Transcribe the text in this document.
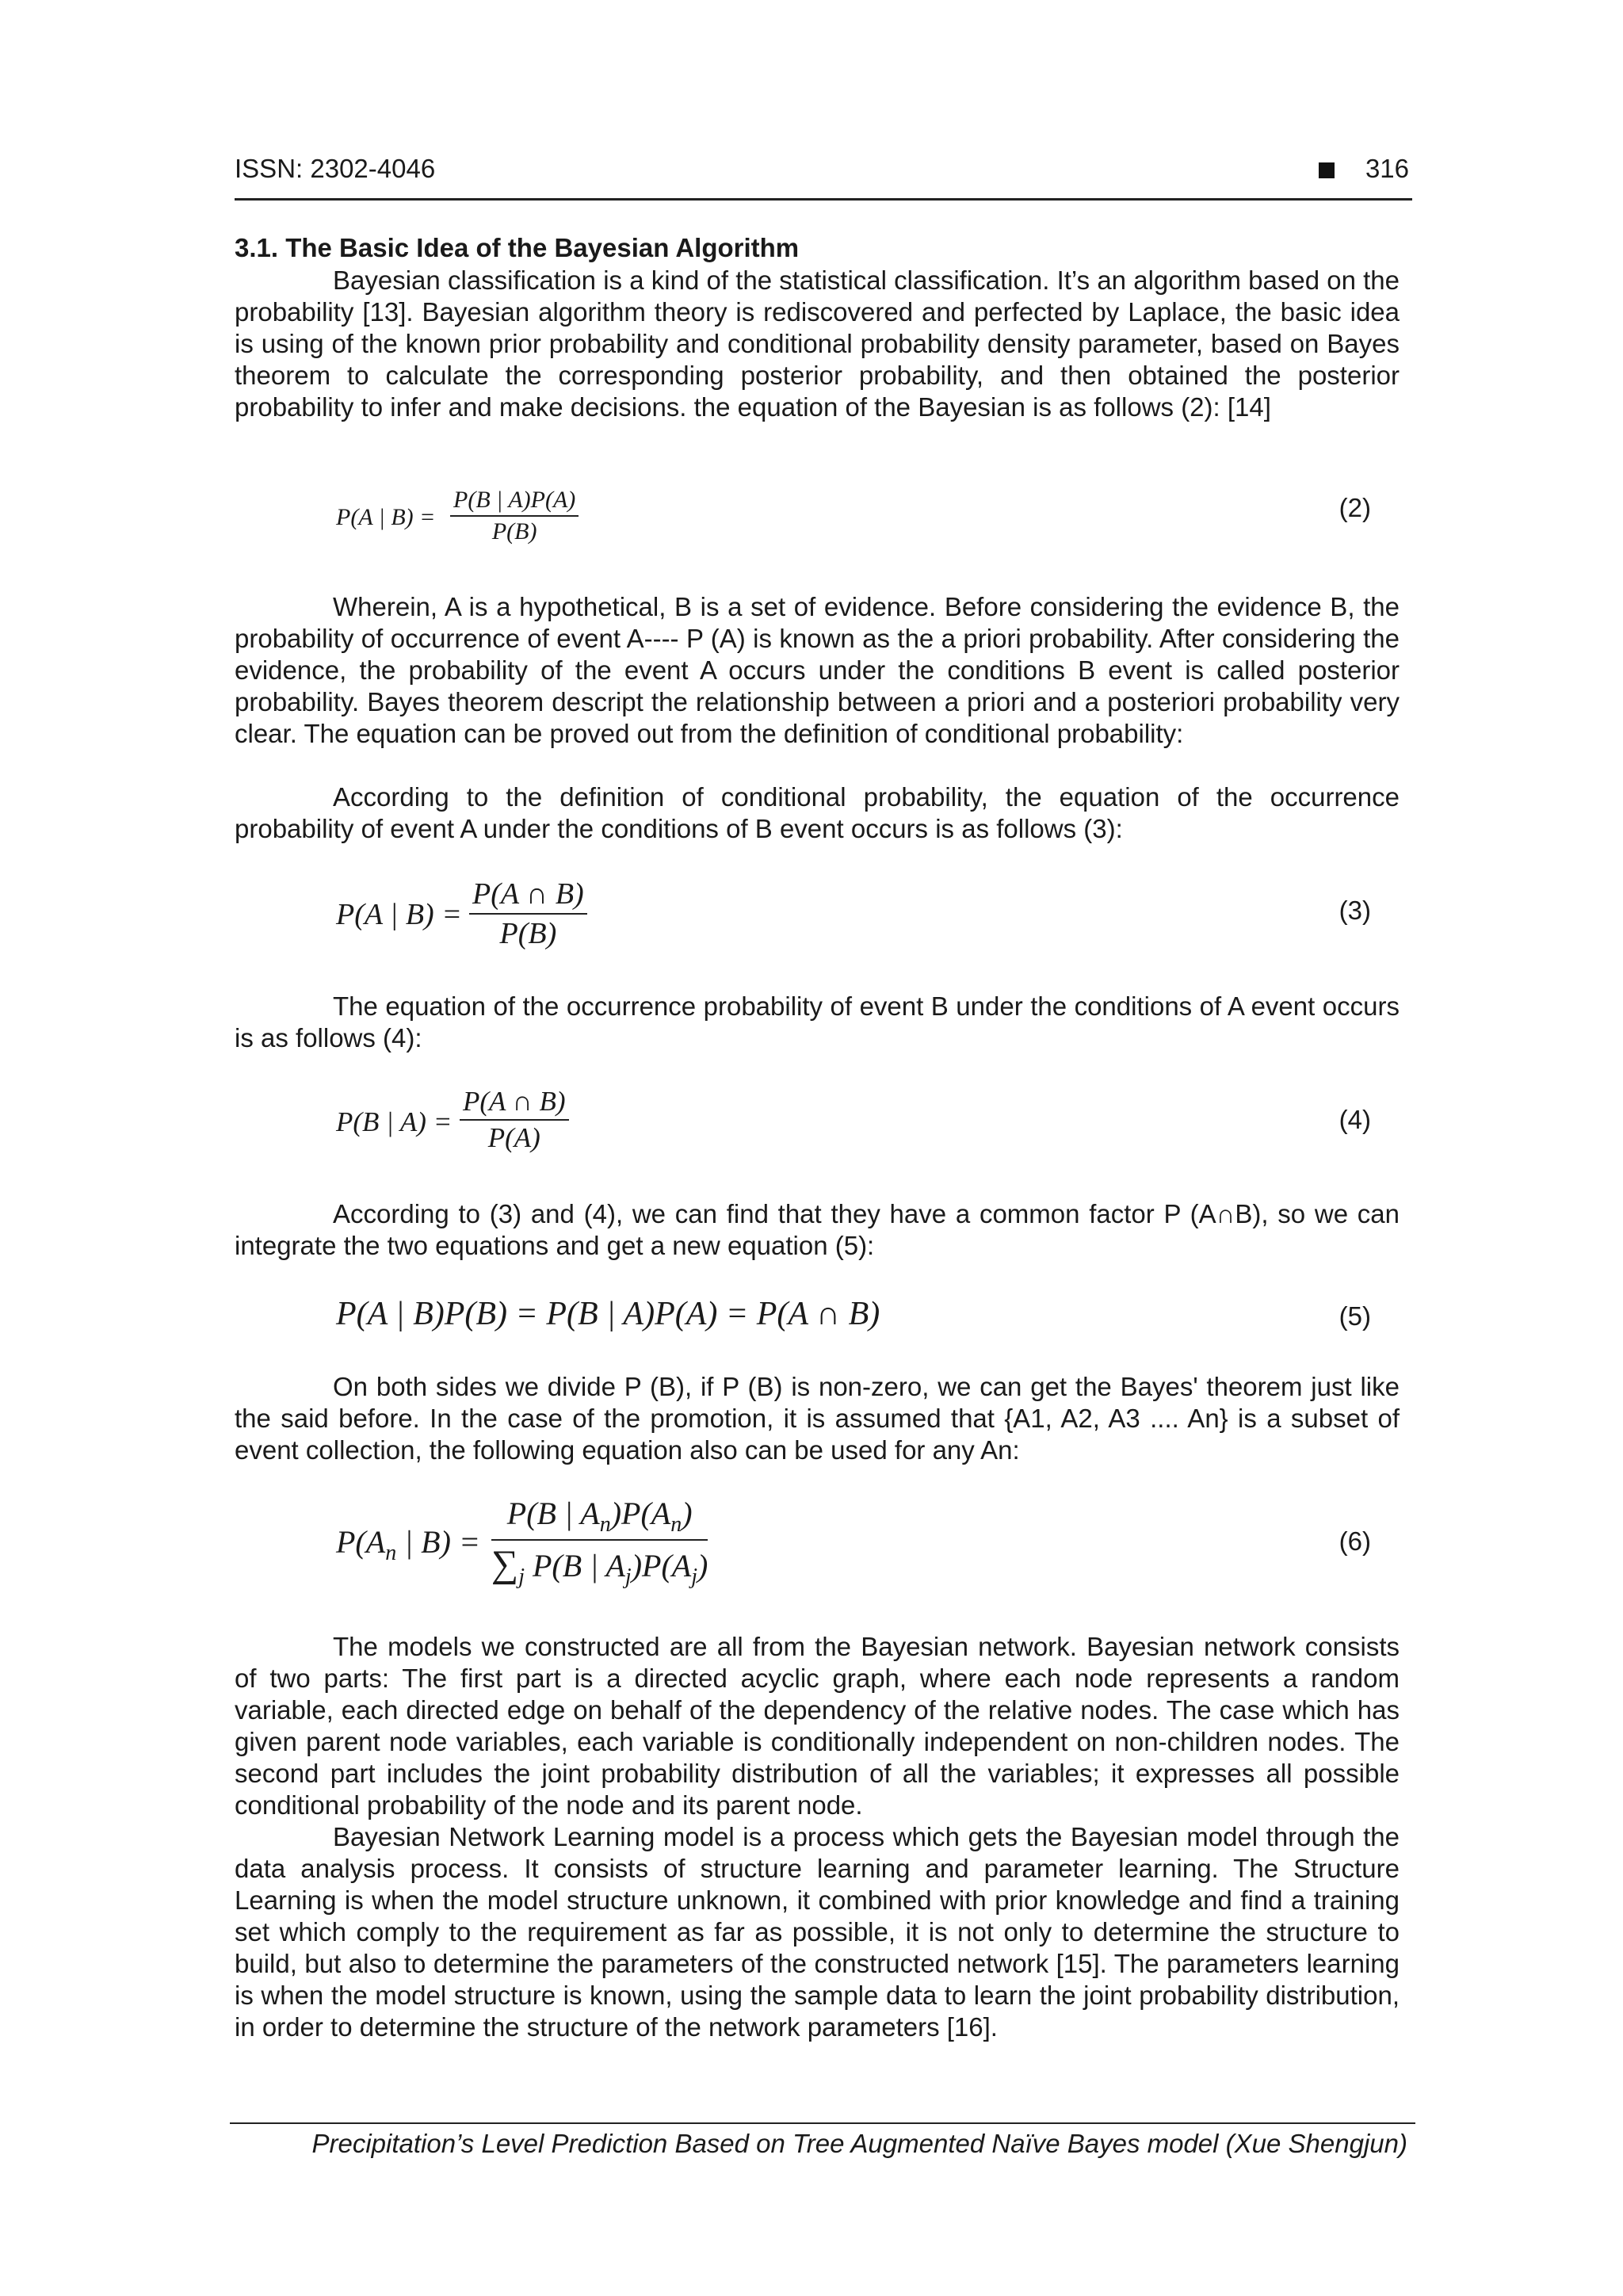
ISSN: 2302-4046	316
3.1. The Basic Idea of the Bayesian Algorithm

Bayesian classification is a kind of the statistical classification. It’s an algorithm based on the probability [13]. Bayesian algorithm theory is rediscovered and perfected by Laplace, the basic idea is using of the known prior probability and conditional probability density parameter, based on Bayes theorem to calculate the corresponding posterior probability, and then obtained the posterior probability to infer and make decisions. the equation of the Bayesian is as follows (2): [14]

P(A | $B) = \frac{P(B | A)P(A)}{P(B)}$	(2)

Wherein, A is a hypothetical, B is a set of evidence. Before considering the evidence B, the probability of occurrence of event A---- P (A) is known as the a priori probability. After considering the evidence, the probability of the event A occurs under the conditions B event is called posterior probability. Bayes theorem descript the relationship between a priori and a posteriori probability very clear. The equation can be proved out from the definition of conditional probability:

According to the definition of conditional probability, the equation of the occurrence probability of event A under the conditions of B event occurs is as follows (3):

P(A | $B) = \frac{P(A \cap B)}{P(B)}$	(3)

The equation of the occurrence probability of event B under the conditions of A event occurs is as follows (4):

P(B | $A) = \frac{P(A \cap B)}{P(A)}$	(4)

According to (3) and (4), we can find that they have a common factor P (A∩B), so we can integrate the two equations and get a new equation (5):

P(A | B)P(B) = P(B | A)P(A) = P(A ∩ B)	(5)

On both sides we divide P (B), if P (B) is non-zero, we can get the Bayes' theorem just like the said before. In the case of the promotion, it is assumed that {A1, A2, A3 .... An} is a subset of event collection, the following equation also can be used for any An:

$P(A_n$ | $B) = \frac{P(B | A_n)P(A_n)}{\sum_j P(B | A_j)P(A_j)}$	(6)

The models we constructed are all from the Bayesian network. Bayesian network consists of two parts: The first part is a directed acyclic graph, where each node represents a random variable, each directed edge on behalf of the dependency of the relative nodes. The case which has given parent node variables, each variable is conditionally independent on non-children nodes. The second part includes the joint probability distribution of all the variables; it expresses all possible conditional probability of the node and its parent node.

Bayesian Network Learning model is a process which gets the Bayesian model through the data analysis process. It consists of structure learning and parameter learning. The Structure Learning is when the model structure unknown, it combined with prior knowledge and find a training set which comply to the requirement as far as possible, it is not only to determine the structure to build, but also to determine the parameters of the constructed network [15]. The parameters learning is when the model structure is known, using the sample data to learn the joint probability distribution, in order to determine the structure of the network parameters [16].

Precipitation’s Level Prediction Based on Tree Augmented Naïve Bayes model (Xue Shengjun)
